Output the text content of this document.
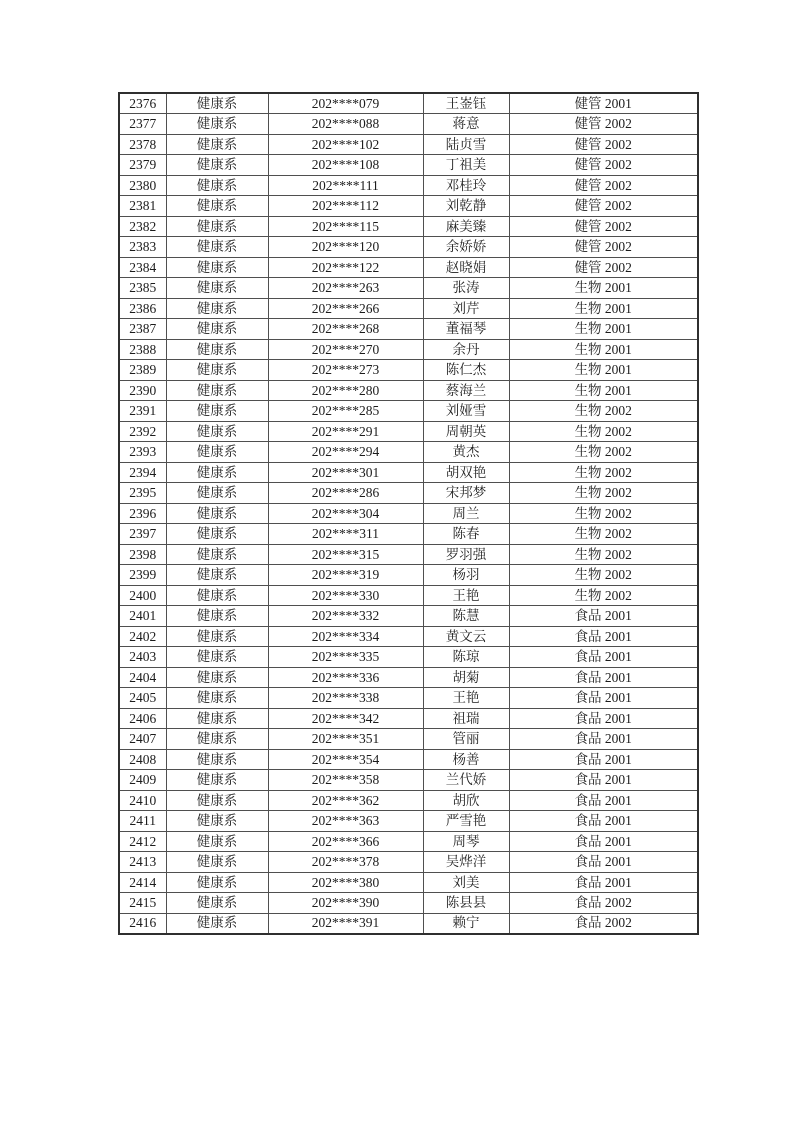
2376	健康系	202****079	王崟钰	健管 2001
2377	健康系	202****088	蒋意	健管 2002
2378	健康系	202****102	陆贞雪	健管 2002
2379	健康系	202****108	丁祖美	健管 2002
2380	健康系	202****111	邓桂玲	健管 2002
2381	健康系	202****112	刘乾静	健管 2002
2382	健康系	202****115	麻美臻	健管 2002
2383	健康系	202****120	余娇娇	健管 2002
2384	健康系	202****122	赵晓娟	健管 2002
2385	健康系	202****263	张涛	生物 2001
2386	健康系	202****266	刘芹	生物 2001
2387	健康系	202****268	董福琴	生物 2001
2388	健康系	202****270	余丹	生物 2001
2389	健康系	202****273	陈仁杰	生物 2001
2390	健康系	202****280	蔡海兰	生物 2001
2391	健康系	202****285	刘娅雪	生物 2002
2392	健康系	202****291	周朝英	生物 2002
2393	健康系	202****294	黄杰	生物 2002
2394	健康系	202****301	胡双艳	生物 2002
2395	健康系	202****286	宋邦梦	生物 2002
2396	健康系	202****304	周兰	生物 2002
2397	健康系	202****311	陈春	生物 2002
2398	健康系	202****315	罗羽强	生物 2002
2399	健康系	202****319	杨羽	生物 2002
2400	健康系	202****330	王艳	生物 2002
2401	健康系	202****332	陈慧	食品 2001
2402	健康系	202****334	黄文云	食品 2001
2403	健康系	202****335	陈琼	食品 2001
2404	健康系	202****336	胡菊	食品 2001
2405	健康系	202****338	王艳	食品 2001
2406	健康系	202****342	祖瑞	食品 2001
2407	健康系	202****351	管丽	食品 2001
2408	健康系	202****354	杨善	食品 2001
2409	健康系	202****358	兰代娇	食品 2001
2410	健康系	202****362	胡欣	食品 2001
2411	健康系	202****363	严雪艳	食品 2001
2412	健康系	202****366	周琴	食品 2001
2413	健康系	202****378	吴烨洋	食品 2001
2414	健康系	202****380	刘美	食品 2001
2415	健康系	202****390	陈县县	食品 2002
2416	健康系	202****391	赖宁	食品 2002
